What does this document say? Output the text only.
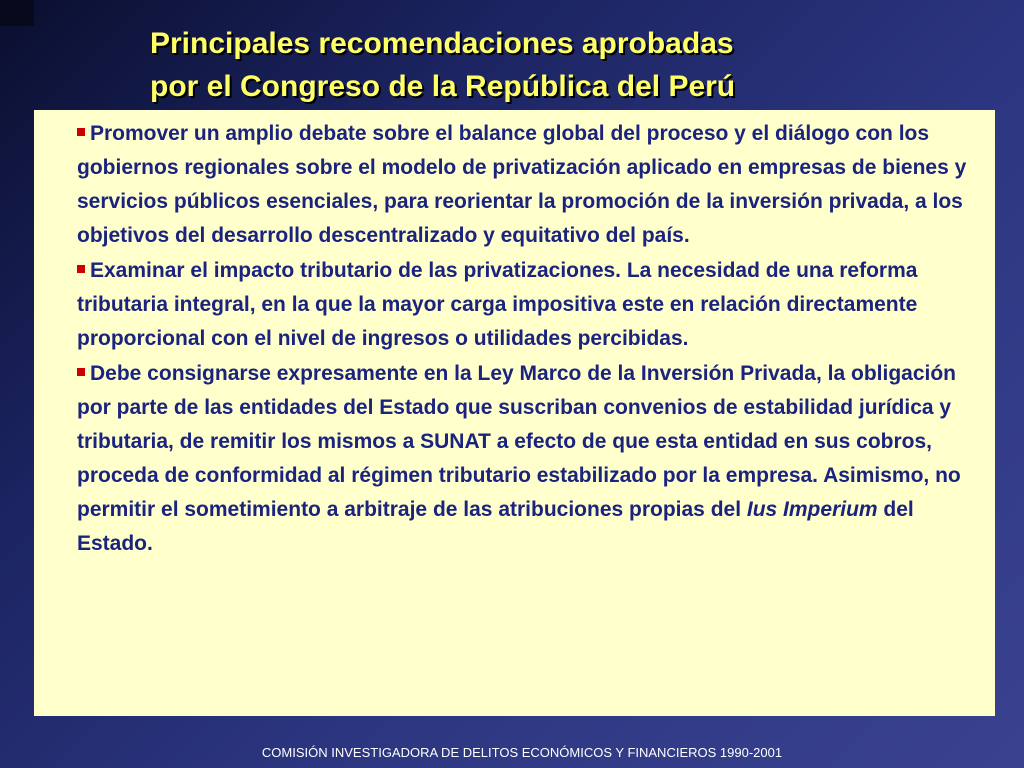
Principales recomendaciones aprobadas
por el Congreso de la República del Perú

Promover un amplio debate sobre el balance global del proceso y el diálogo con los gobiernos regionales sobre el modelo de privatización aplicado en empresas de bienes y servicios públicos esenciales, para reorientar la promoción de la inversión privada, a los objetivos del desarrollo descentralizado y equitativo del país.

Examinar el impacto tributario de las privatizaciones. La necesidad de una reforma tributaria integral, en la que la mayor carga impositiva este en relación directamente proporcional con el nivel de ingresos o utilidades percibidas.

Debe consignarse expresamente en la Ley Marco de la Inversión Privada, la obligación por parte de las entidades del Estado que suscriban convenios de estabilidad jurídica y tributaria, de remitir los mismos a SUNAT a efecto de que esta entidad en sus cobros, proceda de conformidad al régimen tributario estabilizado por la empresa. Asimismo, no permitir el sometimiento a arbitraje de las atribuciones propias del Ius Imperium del Estado.

COMISIÓN INVESTIGADORA DE DELITOS ECONÓMICOS Y FINANCIEROS 1990-2001
